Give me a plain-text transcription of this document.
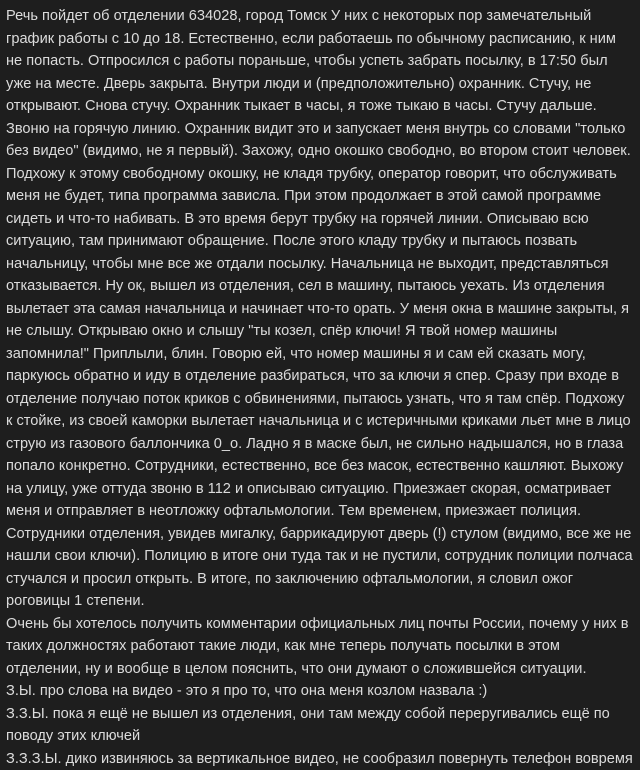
Речь пойдет об отделении 634028, город Томск У них с некоторых пор замечательный график работы с 10 до 18. Естественно, если работаешь по обычному расписанию, к ним не попасть. Отпросился с работы пораньше, чтобы успеть забрать посылку, в 17:50 был уже на месте. Дверь закрыта. Внутри люди и (предположительно) охранник. Стучу, не открывают. Снова стучу. Охранник тыкает в часы, я тоже тыкаю в часы. Стучу дальше. Звоню на горячую линию. Охранник видит это и запускает меня внутрь со словами "только без видео" (видимо, не я первый). Захожу, одно окошко свободно, во втором стоит человек. Подхожу к этому свободному окошку, не кладя трубку, оператор говорит, что обслуживать меня не будет, типа программа зависла. При этом продолжает в этой самой программе сидеть и что-то набивать. В это время берут трубку на горячей линии. Описываю всю ситуацию, там принимают обращение. После этого кладу трубку и пытаюсь позвать начальницу, чтобы мне все же отдали посылку. Начальница не выходит, представляться отказывается. Ну ок, вышел из отделения, сел в машину, пытаюсь уехать. Из отделения вылетает эта самая начальница и начинает что-то орать. У меня окна в машине закрыты, я не слышу. Открываю окно и слышу "ты козел, спёр ключи! Я твой номер машины запомнила!" Приплыли, блин. Говорю ей, что номер машины я и сам ей сказать могу, паркуюсь обратно и иду в отделение разбираться, что за ключи я спер. Сразу при входе в отделение получаю поток криков с обвинениями, пытаюсь узнать, что я там спёр. Подхожу к стойке, из своей каморки вылетает начальница и с истеричными криками льет мне в лицо струю из газового баллончика 0_о. Ладно я в маске был, не сильно надышался, но в глаза попало конкретно. Сотрудники, естественно, все без масок, естественно кашляют. Выхожу на улицу, уже оттуда звоню в 112 и описываю ситуацию. Приезжает скорая, осматривает меня и отправляет в неотложку офтальмологии. Тем временем, приезжает полиция. Сотрудники отделения, увидев мигалку, баррикадируют дверь (!) стулом (видимо, все же не нашли свои ключи). Полицию в итоге они туда так и не пустили, сотрудник полиции полчаса стучался и просил открыть. В итоге, по заключению офтальмологии, я словил ожог роговицы 1 степени.

Очень бы хотелось получить комментарии официальных лиц почты России, почему у них в таких должностях работают такие люди, как мне теперь получать посылки в этом отделении, ну и вообще в целом пояснить, что они думают о сложившейся ситуации.

З.Ы. про слова на видео - это я про то, что она меня козлом назвала :)

З.З.Ы. пока я ещё не вышел из отделения, они там между собой переругивались ещё по поводу этих ключей

З.З.З.Ы. дико извиняюсь за вертикальное видео, не сообразил повернуть телефон вовремя
